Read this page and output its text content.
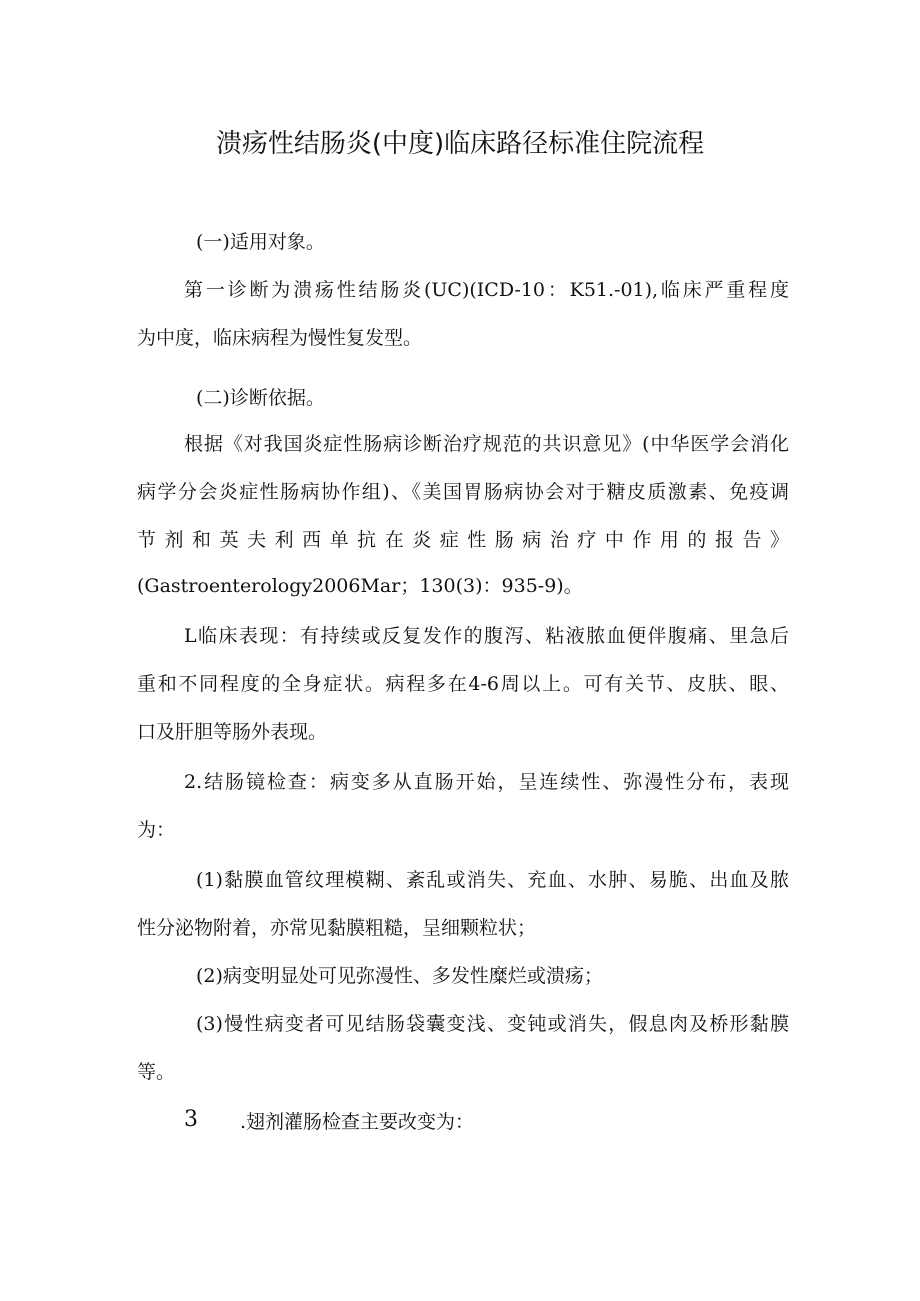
溃疡性结肠炎(中度)临床路径标准住院流程
(一)适用对象。
第一诊断为溃疡性结肠炎(UC)(ICD-10：K51.-01),临床严重程度
为中度，临床病程为慢性复发型。
(二)诊断依据。
根据《对我国炎症性肠病诊断治疗规范的共识意见》(中华医学会消化
病学分会炎症性肠病协作组)、《美国胃肠病协会对于糖皮质激素、免疫调
节剂和英夫利西单抗在炎症性肠病治疗中作用的报告》
(Gastroenterology2006Mar；130(3)：935-9)。
L临床表现：有持续或反复发作的腹泻、粘液脓血便伴腹痛、里急后
重和不同程度的全身症状。病程多在4-6周以上。可有关节、皮肤、眼、
口及肝胆等肠外表现。
2.结肠镜检查：病变多从直肠开始，呈连续性、弥漫性分布，表现
为：
(1)黏膜血管纹理模糊、紊乱或消失、充血、水肿、易脆、出血及脓
性分泌物附着，亦常见黏膜粗糙，呈细颗粒状；
(2)病变明显处可见弥漫性、多发性糜烂或溃疡；
(3)慢性病变者可见结肠袋囊变浅、变钝或消失，假息肉及桥形黏膜
等。
3 .翅剂灌肠检查主要改变为：
